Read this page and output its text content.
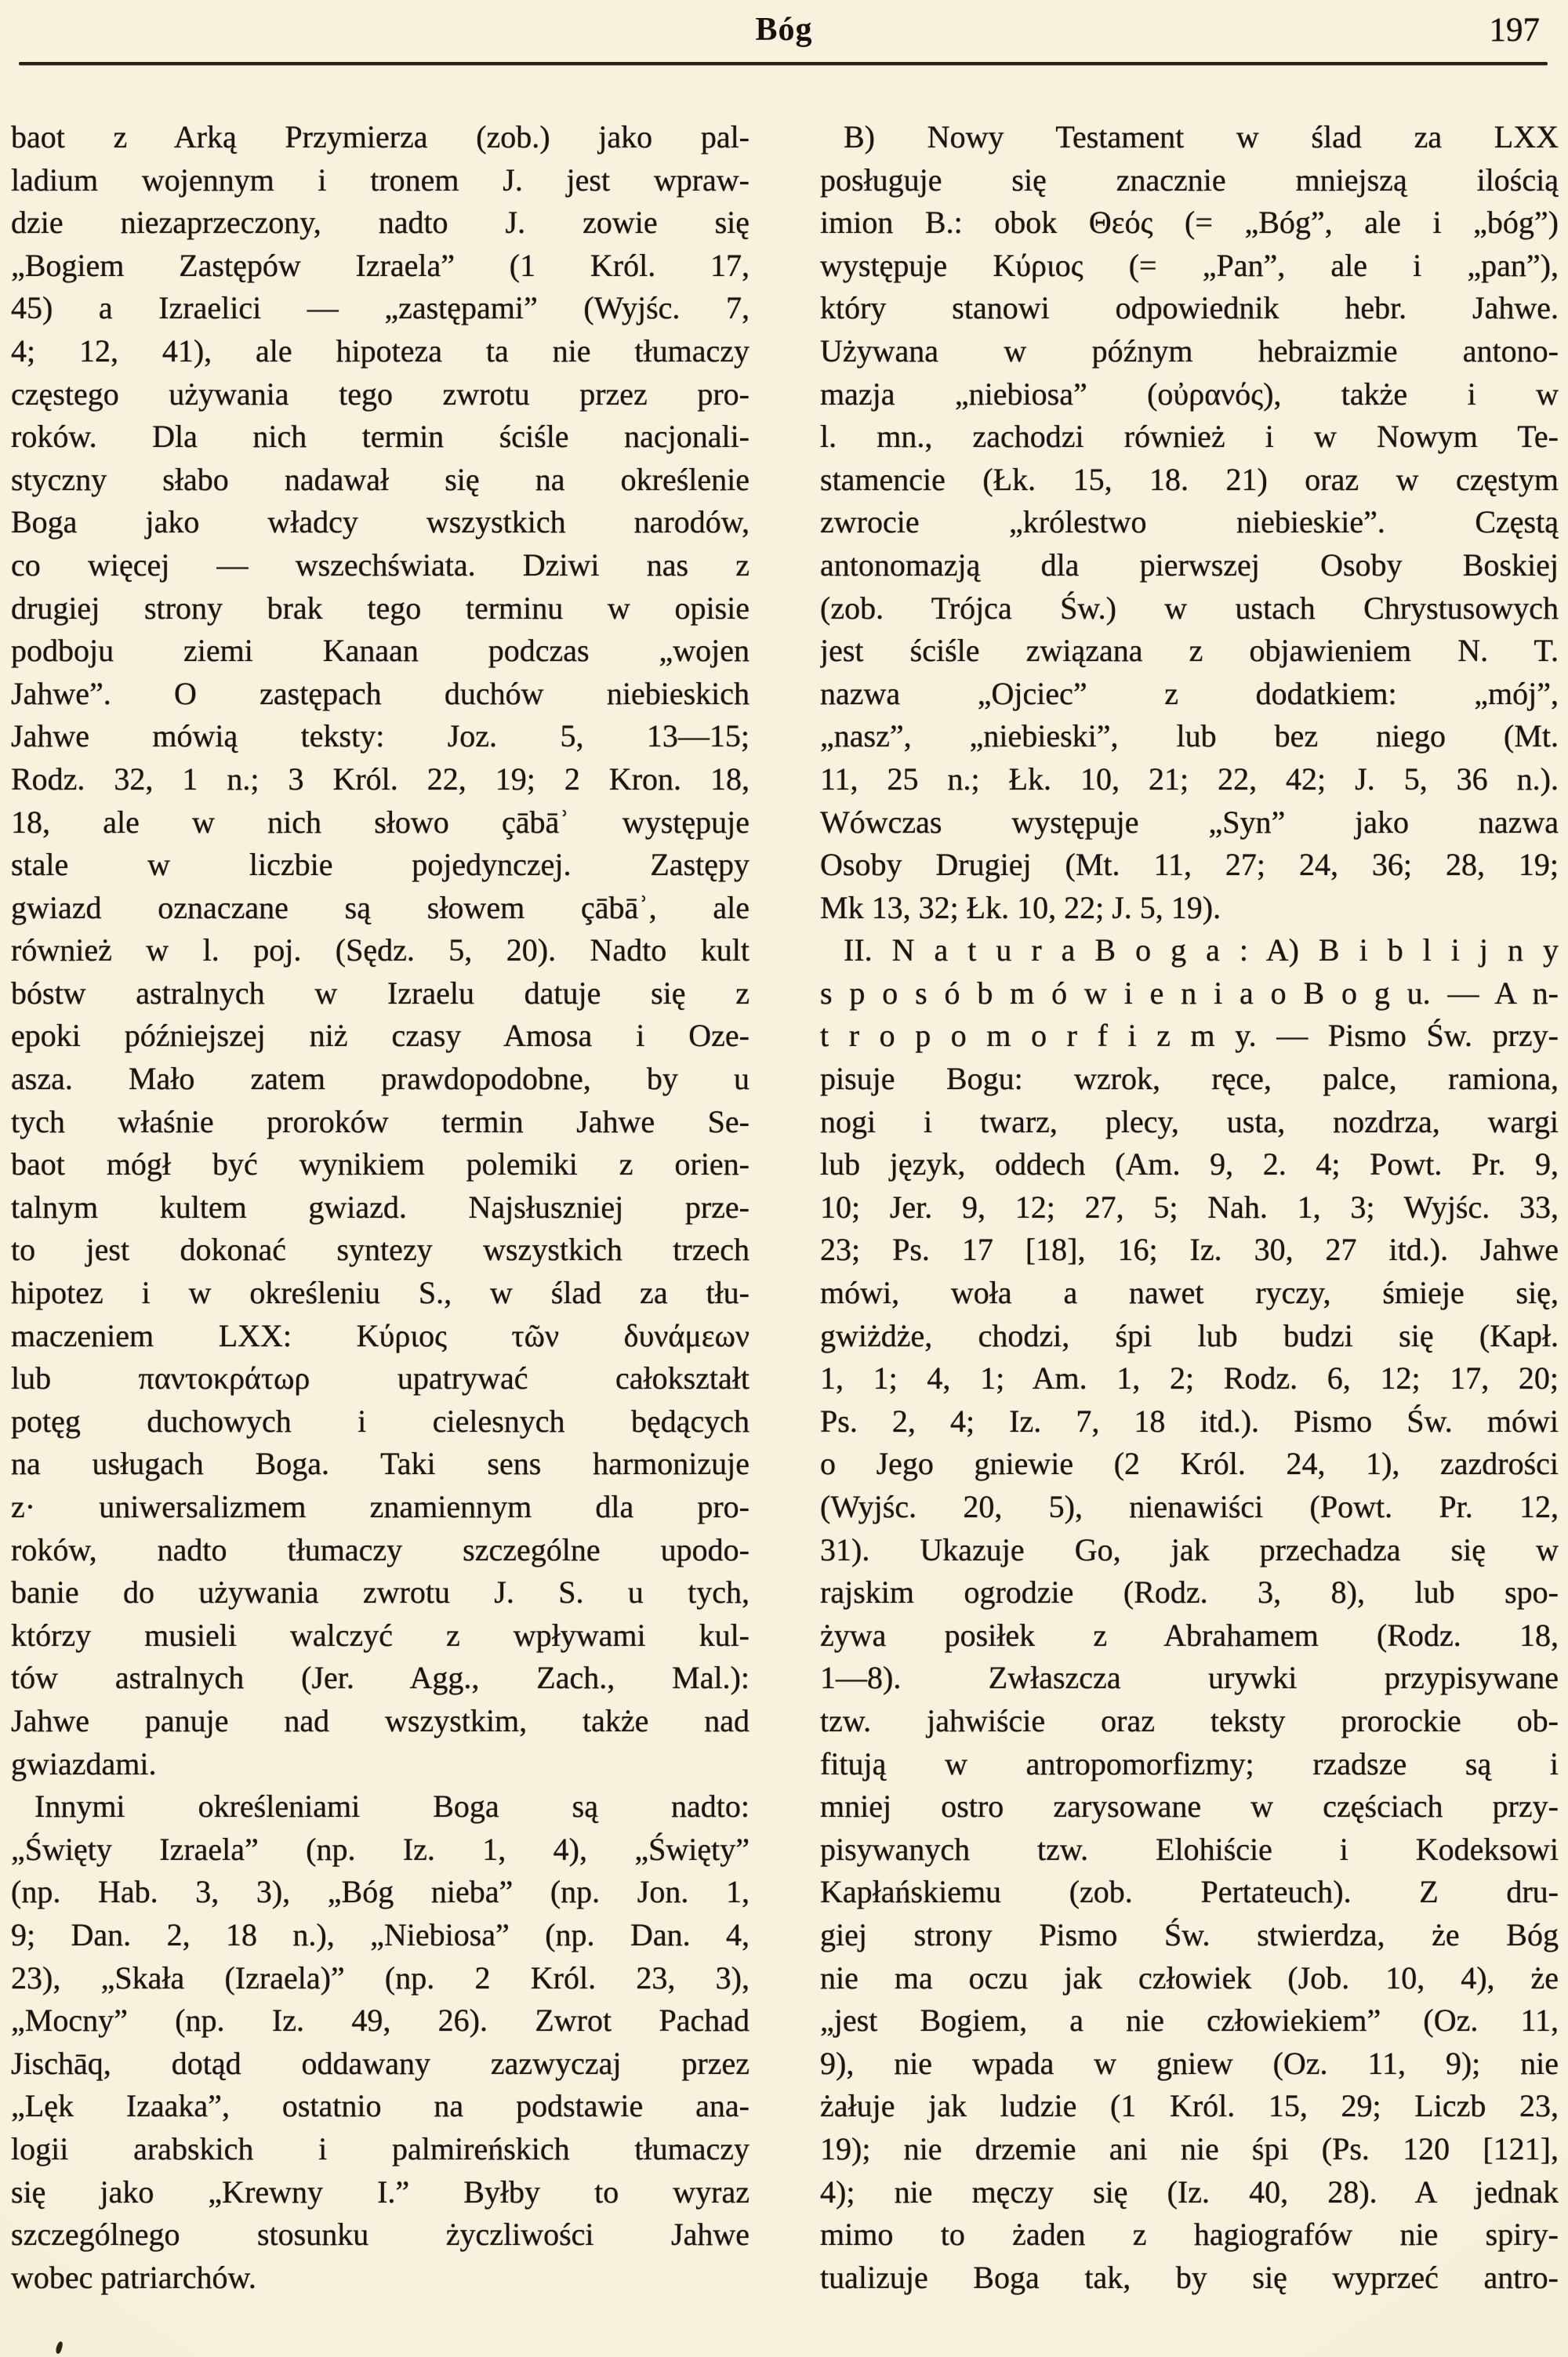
Bóg	197
baot z Arką Przymierza (zob.) jako pal-
ladium wojennym i tronem J. jest wpraw-
dzie niezaprzeczony, nadto J. zowie się
„Bogiem Zastępów Izraela” (1 Król. 17,
45) a Izraelici — „zastępami” (Wyjśc. 7,
4; 12, 41), ale hipoteza ta nie tłumaczy
częstego używania tego zwrotu przez pro-
roków. Dla nich termin ściśle nacjonali-
styczny słabo nadawał się na określenie
Boga jako władcy wszystkich narodów,
co więcej — wszechświata. Dziwi nas z
drugiej strony brak tego terminu w opisie
podboju ziemi Kanaan podczas „wojen
Jahwe”. O zastępach duchów niebieskich
Jahwe mówią teksty: Joz. 5, 13—15;
Rodz. 32, 1 n.; 3 Król. 22, 19; 2 Kron. 18,
18, ale w nich słowo çābāʾ występuje
stale w liczbie pojedynczej. Zastępy
gwiazd oznaczane są słowem çābāʾ, ale
również w l. poj. (Sędz. 5, 20). Nadto kult
bóstw astralnych w Izraelu datuje się z
epoki późniejszej niż czasy Amosa i Oze-
asza. Mało zatem prawdopodobne, by u
tych właśnie proroków termin Jahwe Se-
baot mógł być wynikiem polemiki z orien-
talnym kultem gwiazd. Najsłuszniej prze-
to jest dokonać syntezy wszystkich trzech
hipotez i w określeniu S., w ślad za tłu-
maczeniem LXX: Κύριος τῶν δυνάμεων
lub παντοκράτωρ upatrywać całokształt
potęg duchowych i cielesnych będących
na usługach Boga. Taki sens harmonizuje
z· uniwersalizmem znamiennym dla pro-
roków, nadto tłumaczy szczególne upodo-
banie do używania zwrotu J. S. u tych,
którzy musieli walczyć z wpływami kul-
tów astralnych (Jer. Agg., Zach., Mal.):
Jahwe panuje nad wszystkim, także nad
gwiazdami.
Innymi określeniami Boga są nadto:
„Święty Izraela” (np. Iz. 1, 4), „Święty”
(np. Hab. 3, 3), „Bóg nieba” (np. Jon. 1,
9; Dan. 2, 18 n.), „Niebiosa” (np. Dan. 4,
23), „Skała (Izraela)” (np. 2 Król. 23, 3),
„Mocny” (np. Iz. 49, 26). Zwrot Pachad
Jischāq, dotąd oddawany zazwyczaj przez
„Lęk Izaaka”, ostatnio na podstawie ana-
logii arabskich i palmireńskich tłumaczy
się jako „Krewny I.” Byłby to wyraz
szczególnego stosunku życzliwości Jahwe
wobec patriarchów.
B) Nowy Testament w ślad za LXX
posługuje się znacznie mniejszą ilością
imion B.: obok Θεός (= „Bóg”, ale i „bóg”)
występuje Κύριος (= „Pan”, ale i „pan”),
który stanowi odpowiednik hebr. Jahwe.
Używana w późnym hebraizmie antono-
mazja „niebiosa” (οὐρανός), także i w
l. mn., zachodzi również i w Nowym Te-
stamencie (Łk. 15, 18. 21) oraz w częstym
zwrocie „królestwo niebieskie”. Częstą
antonomazją dla pierwszej Osoby Boskiej
(zob. Trójca Św.) w ustach Chrystusowych
jest ściśle związana z objawieniem N. T.
nazwa „Ojciec” z dodatkiem: „mój”,
„nasz”, „niebieski”, lub bez niego (Mt.
11, 25 n.; Łk. 10, 21; 22, 42; J. 5, 36 n.).
Wówczas występuje „Syn” jako nazwa
Osoby Drugiej (Mt. 11, 27; 24, 36; 28, 19;
Mk 13, 32; Łk. 10, 22; J. 5, 19).
II. N a t u r a B o g a : A) B i b l i j n y
s p o s ó b m ó w i e n i a o B o g u. — A n-
t r o p o m o r f i z m y. — Pismo Św. przy-
pisuje Bogu: wzrok, ręce, palce, ramiona,
nogi i twarz, plecy, usta, nozdrza, wargi
lub język, oddech (Am. 9, 2. 4; Powt. Pr. 9,
10; Jer. 9, 12; 27, 5; Nah. 1, 3; Wyjśc. 33,
23; Ps. 17 [18], 16; Iz. 30, 27 itd.). Jahwe
mówi, woła a nawet ryczy, śmieje się,
gwiżdże, chodzi, śpi lub budzi się (Kapł.
1, 1; 4, 1; Am. 1, 2; Rodz. 6, 12; 17, 20;
Ps. 2, 4; Iz. 7, 18 itd.). Pismo Św. mówi
o Jego gniewie (2 Król. 24, 1), zazdrości
(Wyjśc. 20, 5), nienawiści (Powt. Pr. 12,
31). Ukazuje Go, jak przechadza się w
rajskim ogrodzie (Rodz. 3, 8), lub spo-
żywa posiłek z Abrahamem (Rodz. 18,
1—8). Zwłaszcza urywki przypisywane
tzw. jahwiście oraz teksty prorockie ob-
fitują w antropomorfizmy; rzadsze są i
mniej ostro zarysowane w częściach przy-
pisywanych tzw. Elohiście i Kodeksowi
Kapłańskiemu (zob. Pertateuch). Z dru-
giej strony Pismo Św. stwierdza, że Bóg
nie ma oczu jak człowiek (Job. 10, 4), że
„jest Bogiem, a nie człowiekiem” (Oz. 11,
9), nie wpada w gniew (Oz. 11, 9); nie
żałuje jak ludzie (1 Król. 15, 29; Liczb 23,
19); nie drzemie ani nie śpi (Ps. 120 [121],
4); nie męczy się (Iz. 40, 28). A jednak
mimo to żaden z hagiografów nie spiry-
tualizuje Boga tak, by się wyprzeć antro-
